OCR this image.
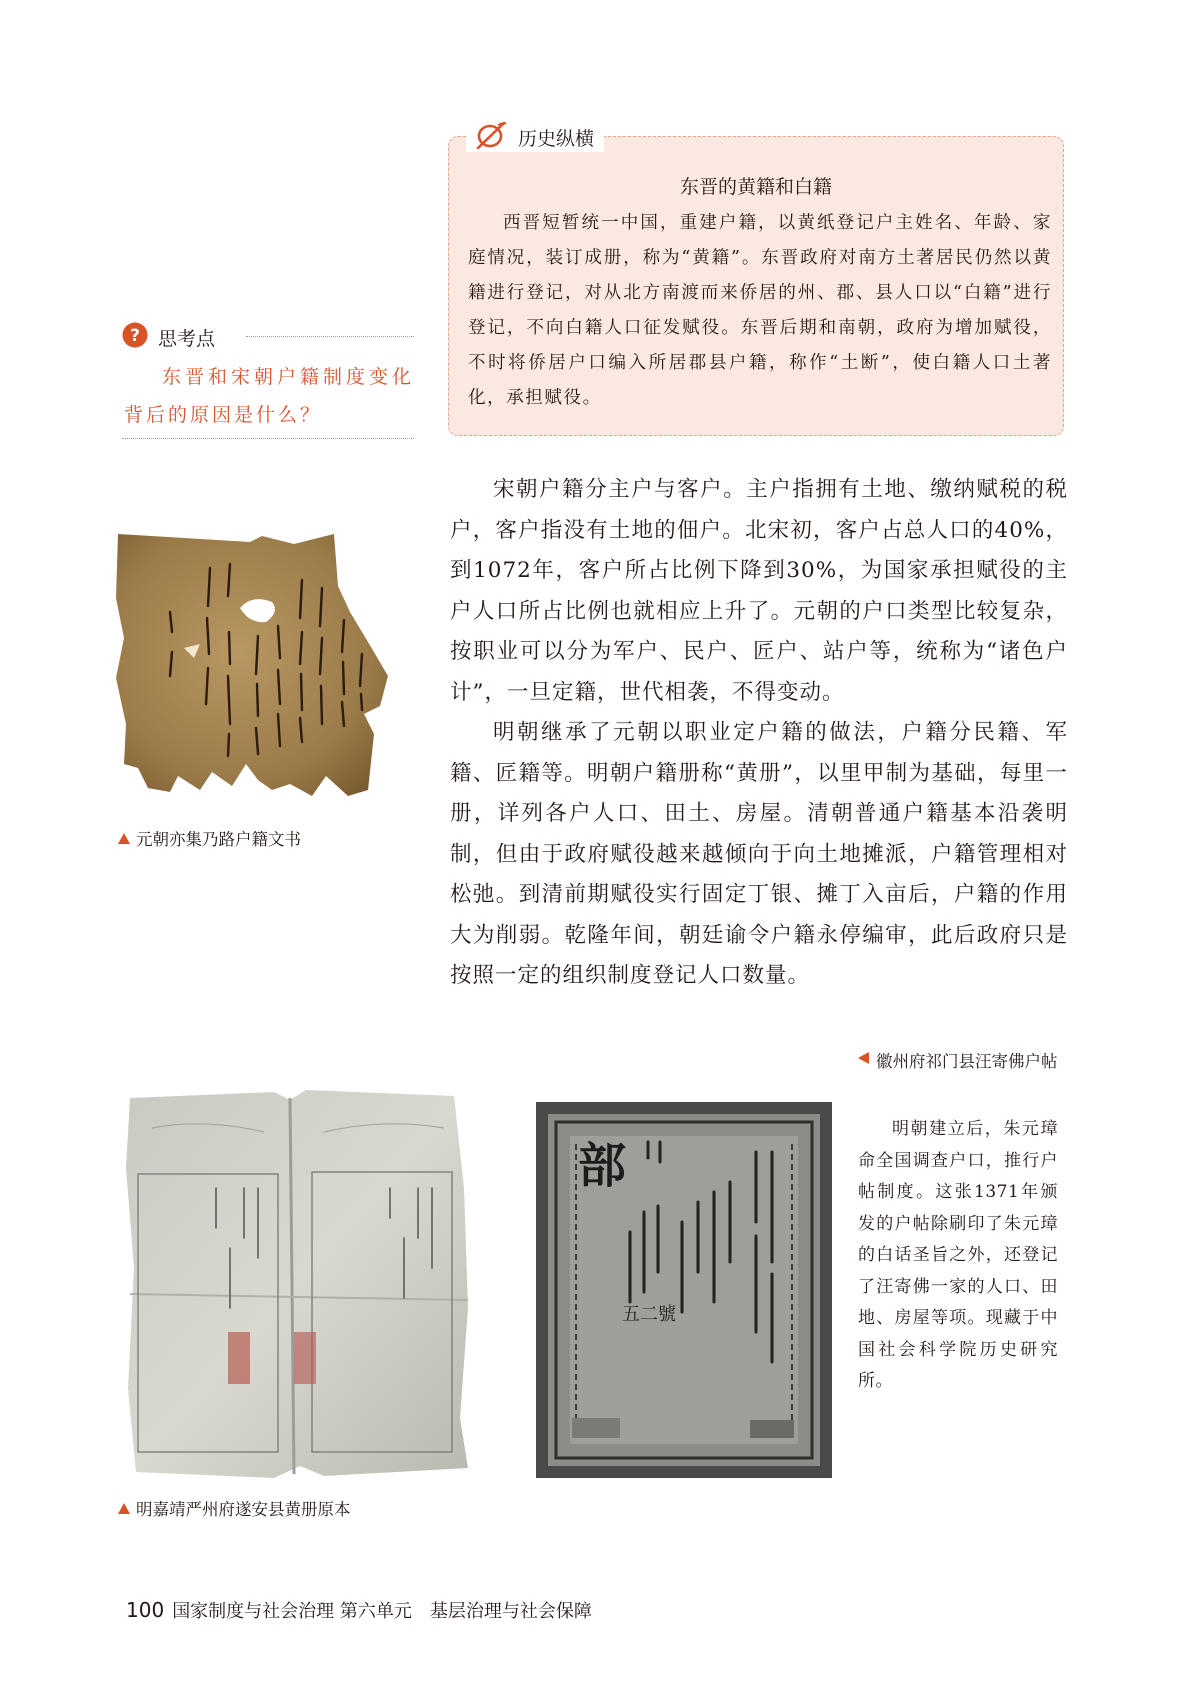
历史纵横
东晋的黄籍和白籍
西晋短暂统一中国，重建户籍，以黄纸登记户主姓名、年龄、家庭情况，装订成册，称为“黄籍”。东晋政府对南方土著居民仍然以黄籍进行登记，对从北方南渡而来侨居的州、郡、县人口以“白籍”进行登记，不向白籍人口征发赋役。东晋后期和南朝，政府为增加赋役，不时将侨居户口编入所居郡县户籍，称作“土断”，使白籍人口土著化，承担赋役。
? 思考点
东晋和宋朝户籍制度变化背后的原因是什么？
元朝亦集乃路户籍文书

宋朝户籍分主户与客户。主户指拥有土地、缴纳赋税的税户，客户指没有土地的佃户。北宋初，客户占总人口的40%，到1072年，客户所占比例下降到30%，为国家承担赋役的主户人口所占比例也就相应上升了。元朝的户口类型比较复杂，按职业可以分为军户、民户、匠户、站户等，统称为“诸色户计”，一旦定籍，世代相袭，不得变动。

明朝继承了元朝以职业定户籍的做法，户籍分民籍、军籍、匠籍等。明朝户籍册称“黄册”，以里甲制为基础，每里一册，详列各户人口、田土、房屋。清朝普通户籍基本沿袭明制，但由于政府赋役越来越倾向于向土地摊派，户籍管理相对松弛。到清前期赋役实行固定丁银、摊丁入亩后，户籍的作用大为削弱。乾隆年间，朝廷谕令户籍永停编审，此后政府只是按照一定的组织制度登记人口数量。

明嘉靖严州府遂安县黄册原本
部
五二號
徽州府祁门县汪寄佛户帖
明朝建立后，朱元璋命全国调查户口，推行户帖制度。这张1371年颁发的户帖除刷印了朱元璋的白话圣旨之外，还登记了汪寄佛一家的人口、田地、房屋等项。现藏于中国社会科学院历史研究所。
100 国家制度与社会治理 第六单元　基层治理与社会保障
